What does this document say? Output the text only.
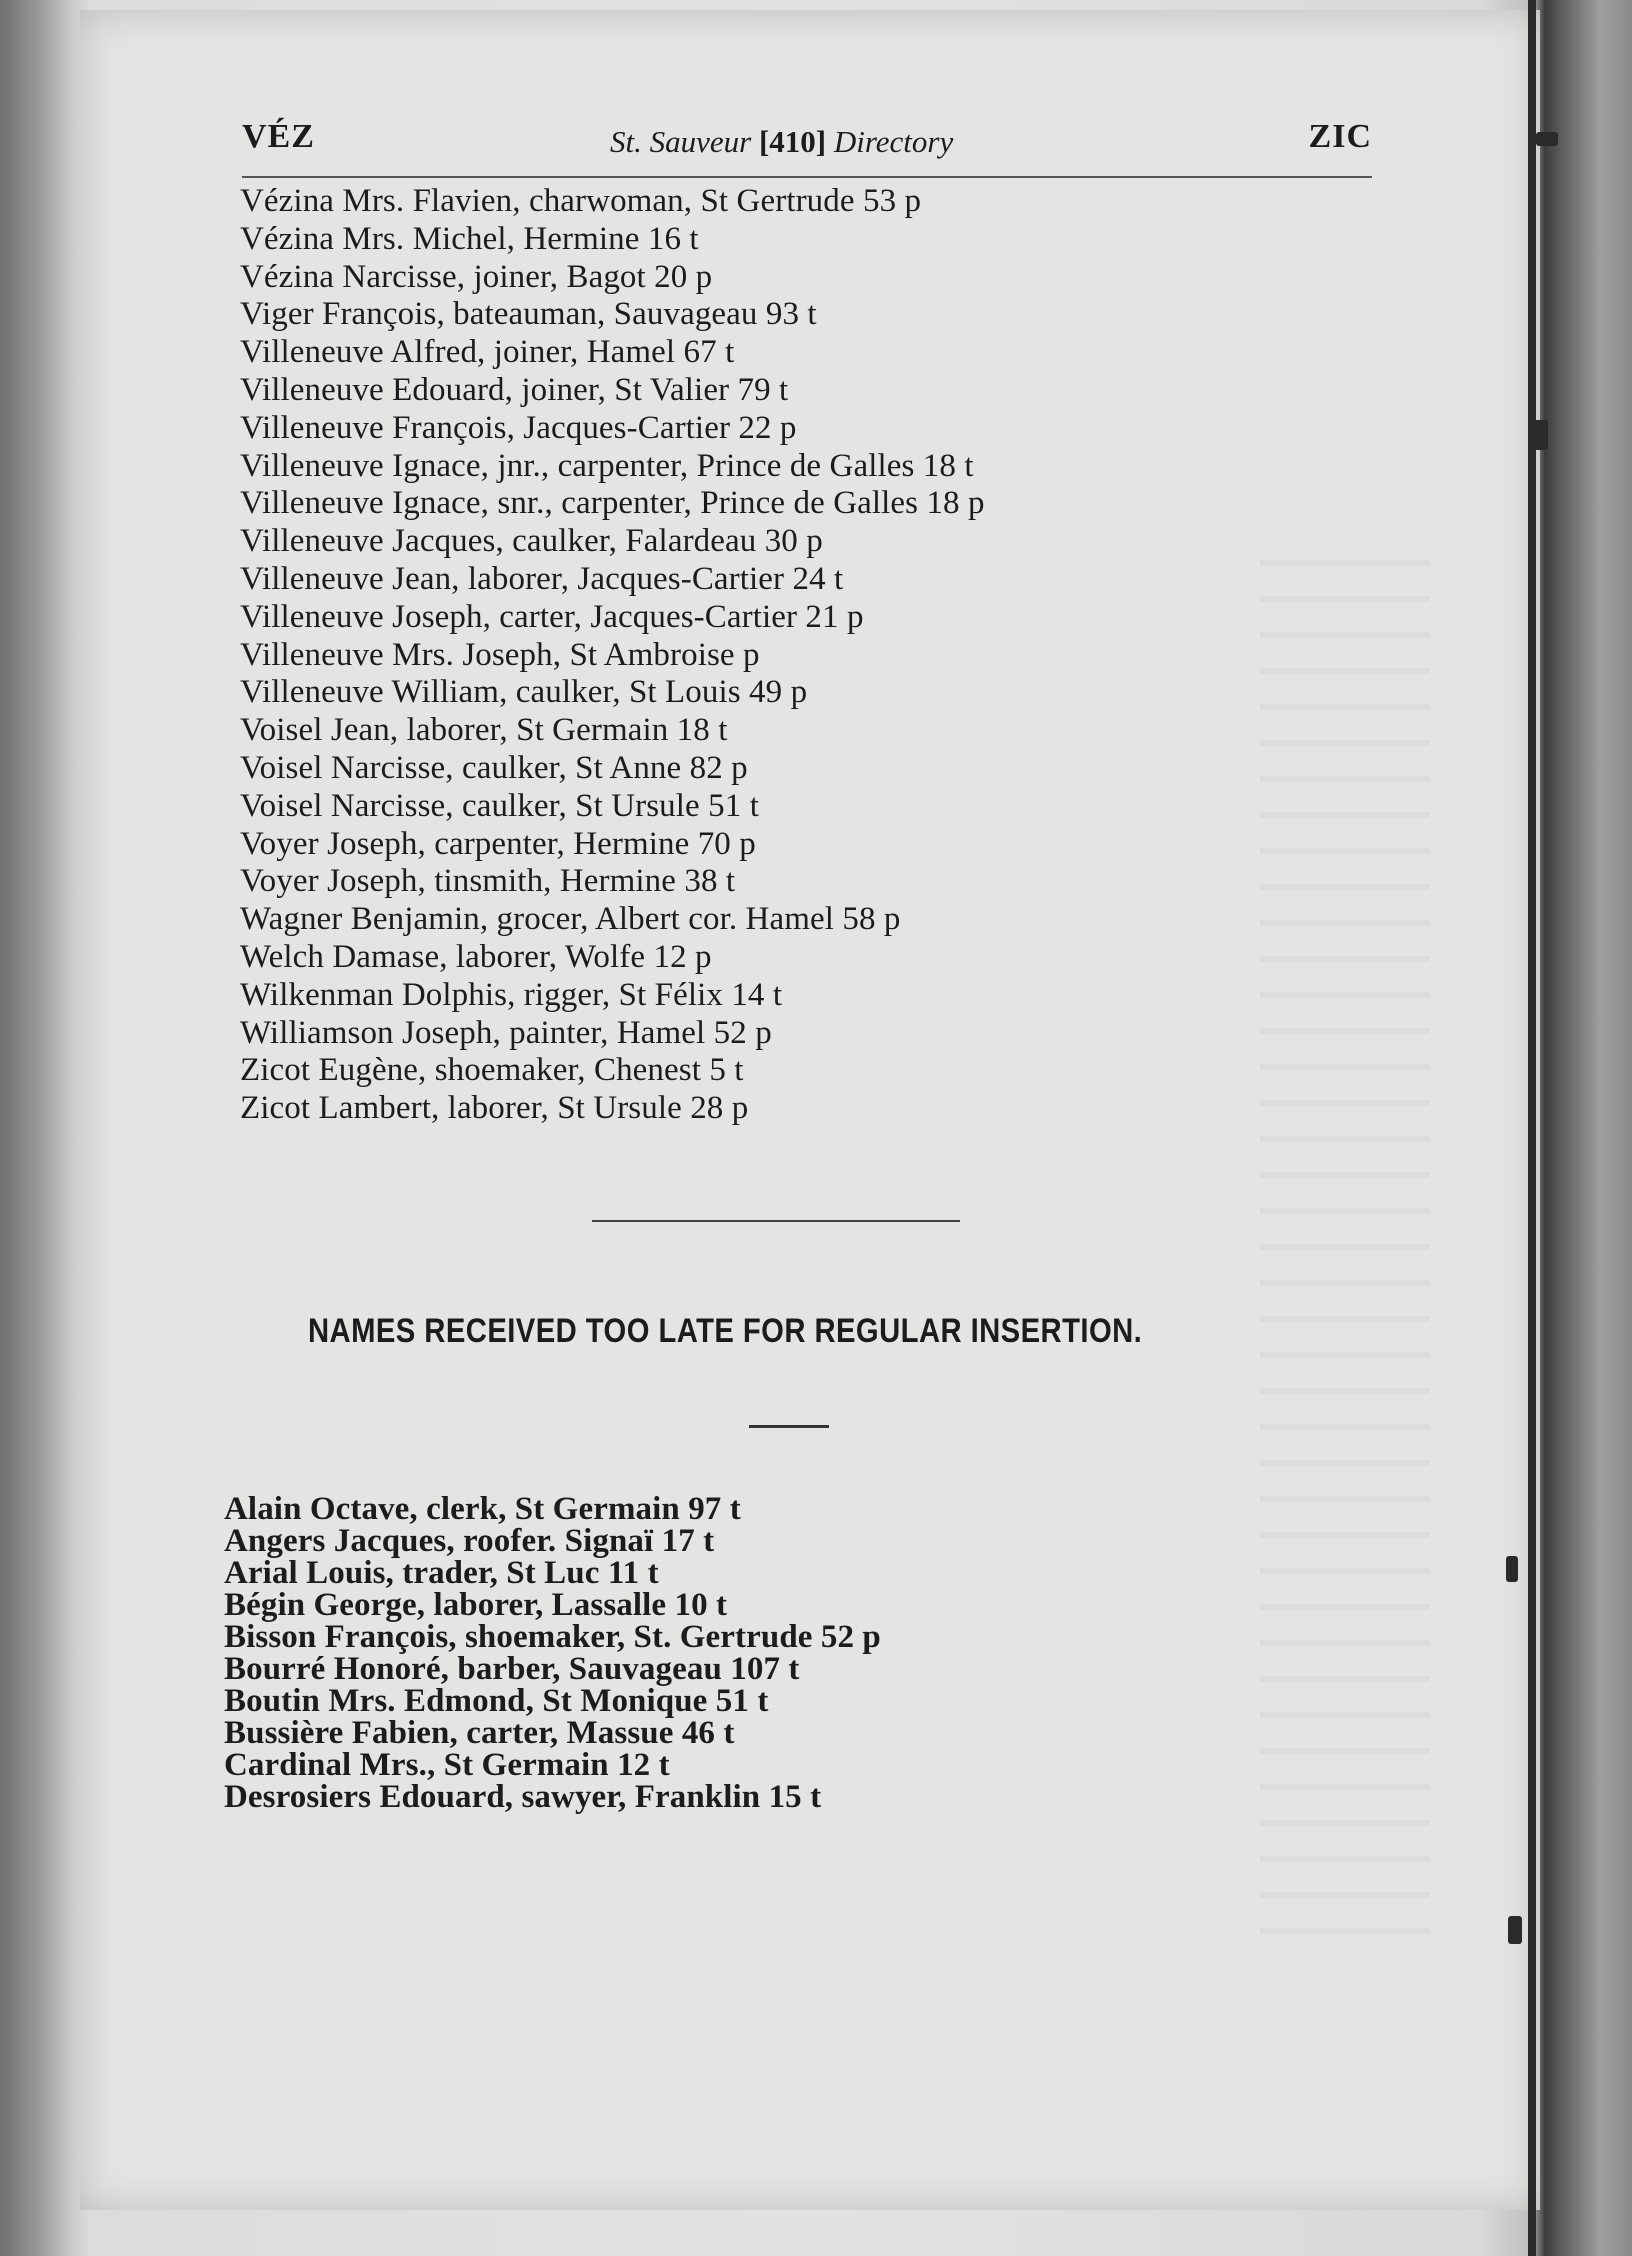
VÉZ	St. Sauveur [410] Directory	ZIC
Vézina Mrs. Flavien, charwoman, St Gertrude 53 p
Vézina Mrs. Michel, Hermine 16 t
Vézina Narcisse, joiner, Bagot 20 p
Viger François, bateauman, Sauvageau 93 t
Villeneuve Alfred, joiner, Hamel 67 t
Villeneuve Edouard, joiner, St Valier 79 t
Villeneuve François, Jacques-Cartier 22 p
Villeneuve Ignace, jnr., carpenter, Prince de Galles 18 t
Villeneuve Ignace, snr., carpenter, Prince de Galles 18 p
Villeneuve Jacques, caulker, Falardeau 30 p
Villeneuve Jean, laborer, Jacques-Cartier 24 t
Villeneuve Joseph, carter, Jacques-Cartier 21 p
Villeneuve Mrs. Joseph, St Ambroise p
Villeneuve William, caulker, St Louis 49 p
Voisel Jean, laborer, St Germain 18 t
Voisel Narcisse, caulker, St Anne 82 p
Voisel Narcisse, caulker, St Ursule 51 t
Voyer Joseph, carpenter, Hermine 70 p
Voyer Joseph, tinsmith, Hermine 38 t
Wagner Benjamin, grocer, Albert cor. Hamel 58 p
Welch Damase, laborer, Wolfe 12 p
Wilkenman Dolphis, rigger, St Félix 14 t
Williamson Joseph, painter, Hamel 52 p
Zicot Eugène, shoemaker, Chenest 5 t
Zicot Lambert, laborer, St Ursule 28 p
NAMES RECEIVED TOO LATE FOR REGULAR INSERTION.
Alain Octave, clerk, St Germain 97 t
Angers Jacques, roofer. Signaï 17 t
Arial Louis, trader, St Luc 11 t
Bégin George, laborer, Lassalle 10 t
Bisson François, shoemaker, St. Gertrude 52 p
Bourré Honoré, barber, Sauvageau 107 t
Boutin Mrs. Edmond, St Monique 51 t
Bussière Fabien, carter, Massue 46 t
Cardinal Mrs., St Germain 12 t
Desrosiers Edouard, sawyer, Franklin 15 t
